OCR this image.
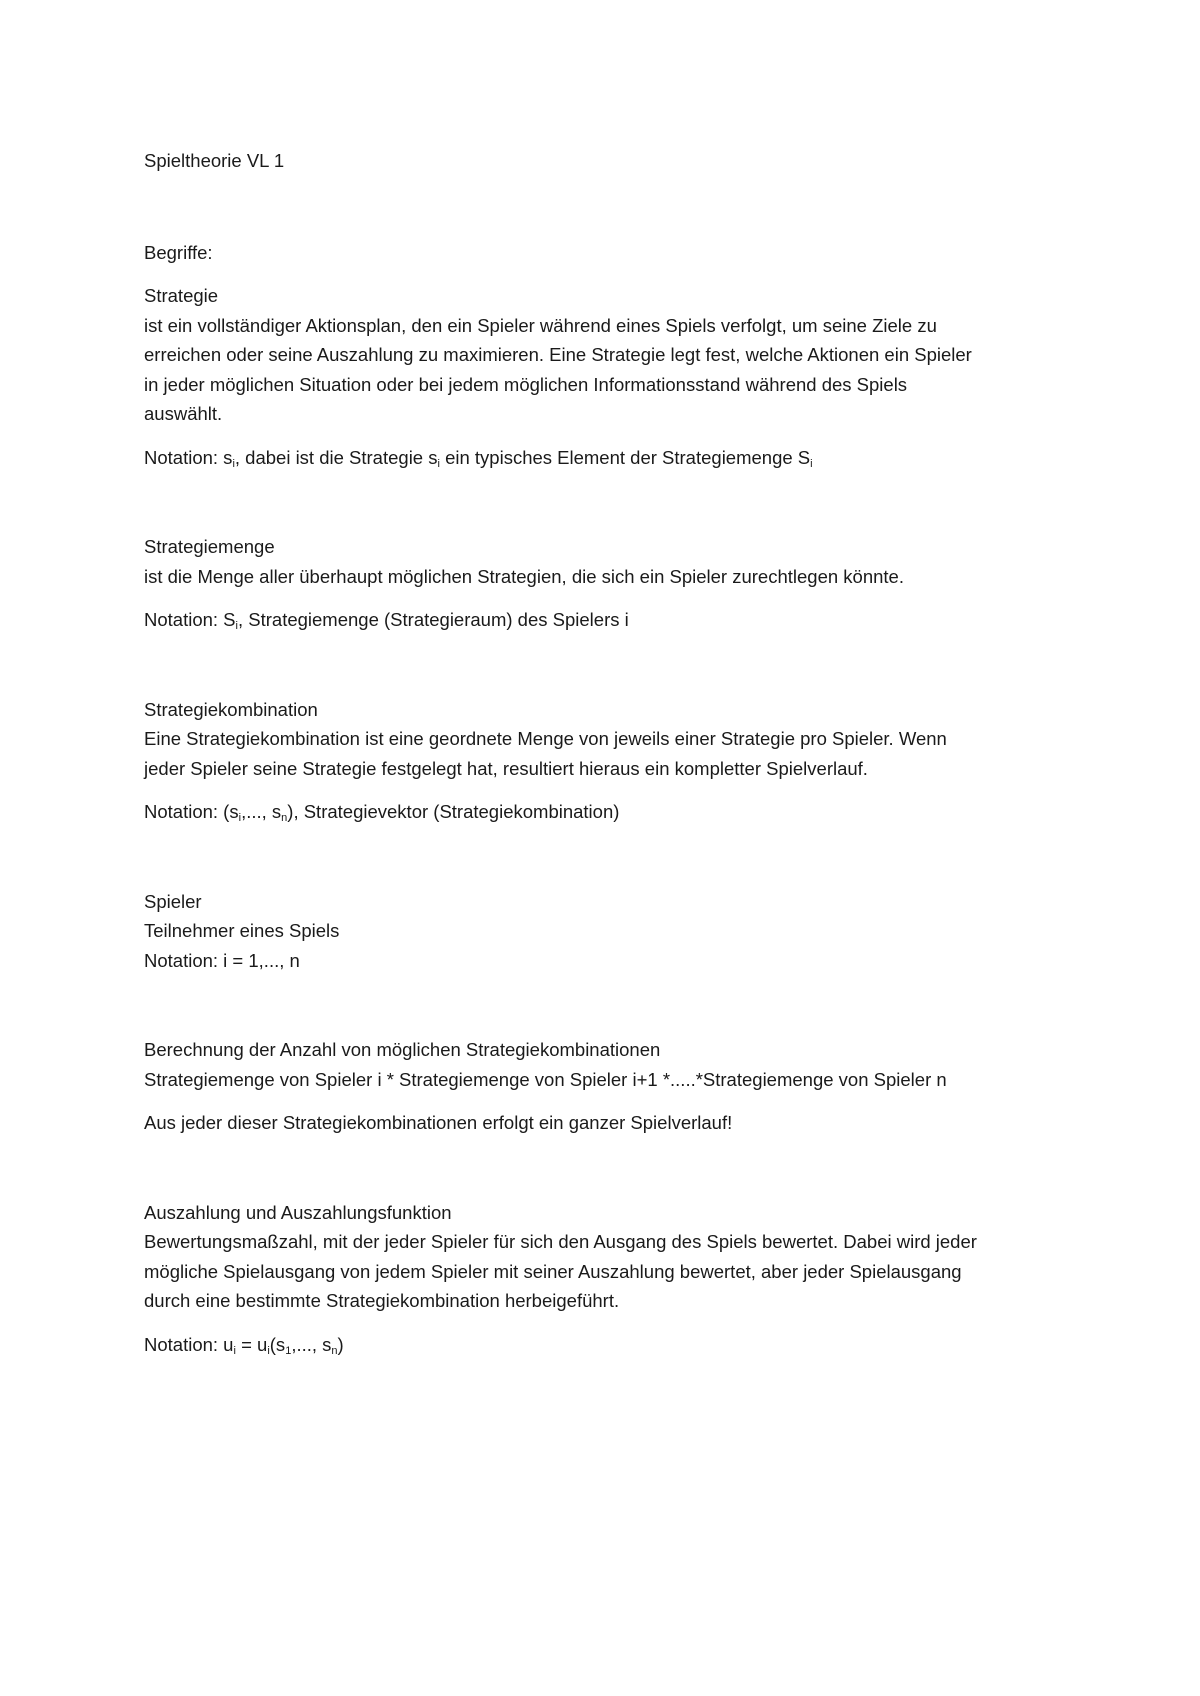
Spieltheorie VL 1
Begriffe:
Strategie
ist ein vollständiger Aktionsplan, den ein Spieler während eines Spiels verfolgt, um seine Ziele zu
erreichen oder seine Auszahlung zu maximieren. Eine Strategie legt fest, welche Aktionen ein Spieler
in jeder möglichen Situation oder bei jedem möglichen Informationsstand während des Spiels
auswählt.
Notation: $s_i$, dabei ist die Strategie $s_i$ ein typisches Element der Strategiemenge $S_i$
Strategiemenge
ist die Menge aller überhaupt möglichen Strategien, die sich ein Spieler zurechtlegen könnte.
Notation: $S_i$, Strategiemenge (Strategieraum) des Spielers i
Strategiekombination
Eine Strategiekombination ist eine geordnete Menge von jeweils einer Strategie pro Spieler. Wenn
jeder Spieler seine Strategie festgelegt hat, resultiert hieraus ein kompletter Spielverlauf.
Notation: ($s_i$,..., $s_n$), Strategievektor (Strategiekombination)
Spieler
Teilnehmer eines Spiels
Notation: i = 1,..., n
Berechnung der Anzahl von möglichen Strategiekombinationen
Strategiemenge von Spieler i * Strategiemenge von Spieler i+1 *.....*Strategiemenge von Spieler n
Aus jeder dieser Strategiekombinationen erfolgt ein ganzer Spielverlauf!
Auszahlung und Auszahlungsfunktion
Bewertungsmaßzahl, mit der jeder Spieler für sich den Ausgang des Spiels bewertet. Dabei wird jeder
mögliche Spielausgang von jedem Spieler mit seiner Auszahlung bewertet, aber jeder Spielausgang
durch eine bestimmte Strategiekombination herbeigeführt.
Notation: $u_i = u_i(s_1$,..., $s_n$)
